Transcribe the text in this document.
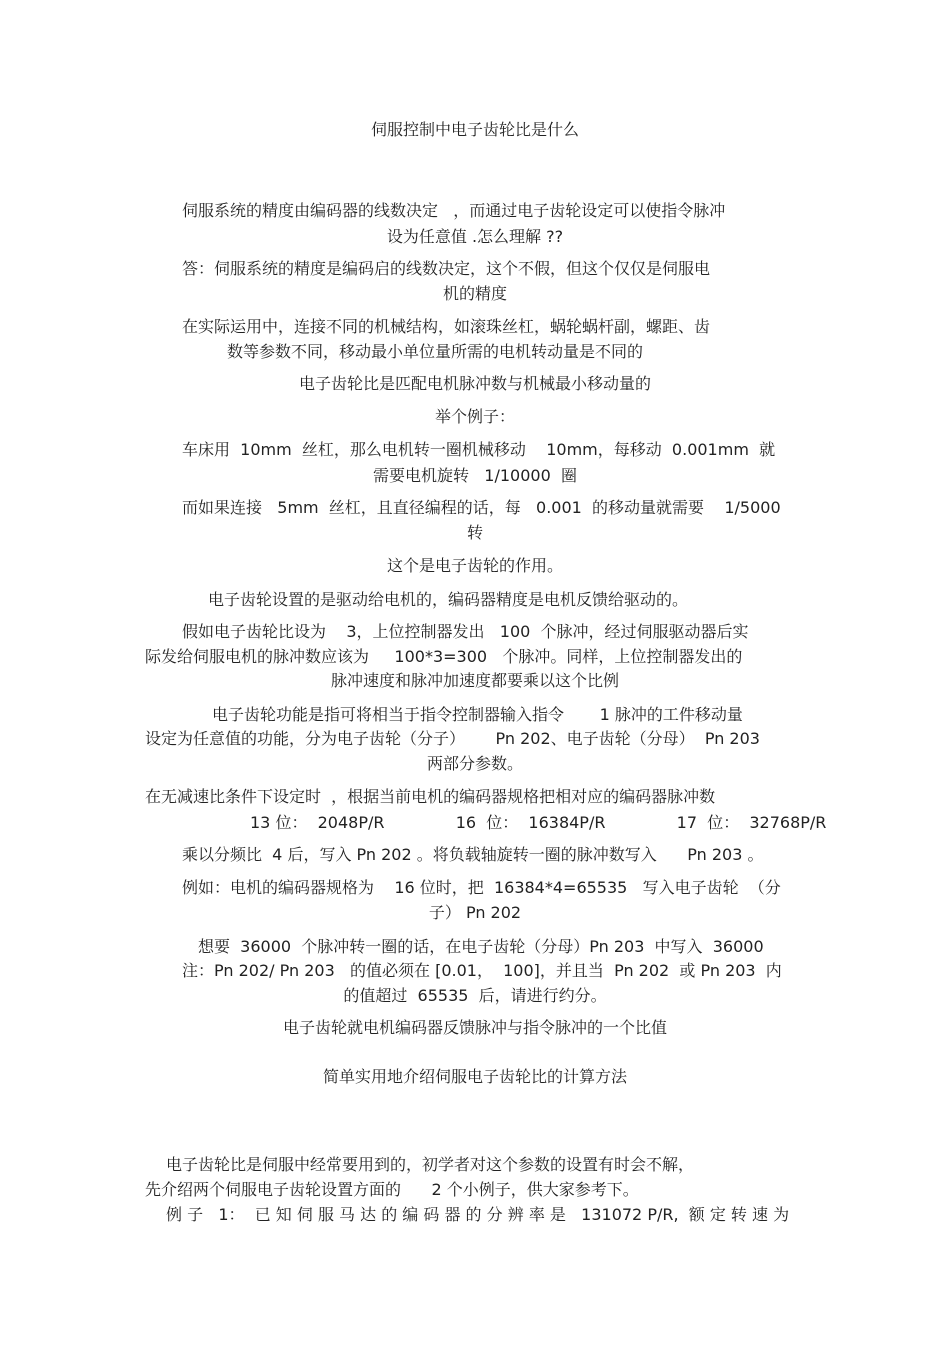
伺服控制中电子齿轮比是什么
伺服系统的精度由编码器的线数决定   ，而通过电子齿轮设定可以使指令脉冲
设为任意值 .怎么理解 ??
答：伺服系统的精度是编码启的线数决定，这个不假，但这个仅仅是伺服电
机的精度
在实际运用中，连接不同的机械结构，如滚珠丝杠，蜗轮蜗杆副，螺距、齿
数等参数不同，移动最小单位量所需的电机转动量是不同的
电子齿轮比是匹配电机脉冲数与机械最小移动量的
举个例子：
车床用  10mm  丝杠，那么电机转一圈机械移动    10mm，每移动  0.001mm  就
需要电机旋转   1/10000  圈
而如果连接   5mm  丝杠，且直径编程的话，每   0.001  的移动量就需要    1/5000
转
这个是电子齿轮的作用。
电子齿轮设置的是驱动给电机的，编码器精度是电机反馈给驱动的。
假如电子齿轮比设为    3，上位控制器发出   100  个脉冲，经过伺服驱动器后实
际发给伺服电机的脉冲数应该为     100*3=300   个脉冲。同样，上位控制器发出的
脉冲速度和脉冲加速度都要乘以这个比例
电子齿轮功能是指可将相当于指令控制器输入指令       1 脉冲的工件移动量
设定为任意值的功能，分为电子齿轮（分子）      Pn 202、电子齿轮（分母）  Pn 203
两部分参数。
在无减速比条件下设定时  ，根据当前电机的编码器规格把相对应的编码器脉冲数
13 位：  2048P/R              16  位：  16384P/R              17  位：  32768P/R
乘以分频比  4 后，写入 Pn 202 。将负载轴旋转一圈的脉冲数写入      Pn 203 。
例如：电机的编码器规格为    16 位时，把  16384*4=65535   写入电子齿轮  （分
子） Pn 202
想要  36000  个脉冲转一圈的话，在电子齿轮（分母）Pn 203  中写入  36000
注：Pn 202/ Pn 203   的值必须在 [0.01，  100]，并且当  Pn 202  或 Pn 203  内
的值超过  65535  后，请进行约分。
电子齿轮就电机编码器反馈脉冲与指令脉冲的一个比值
简单实用地介绍伺服电子齿轮比的计算方法
电子齿轮比是伺服中经常要用到的，初学者对这个参数的设置有时会不解，
先介绍两个伺服电子齿轮设置方面的      2 个小例子，供大家参考下。
例 子   1：  已 知 伺 服 马 达 的 编 码 器 的 分 辨 率 是   131072 P/R,  额 定 转 速 为
